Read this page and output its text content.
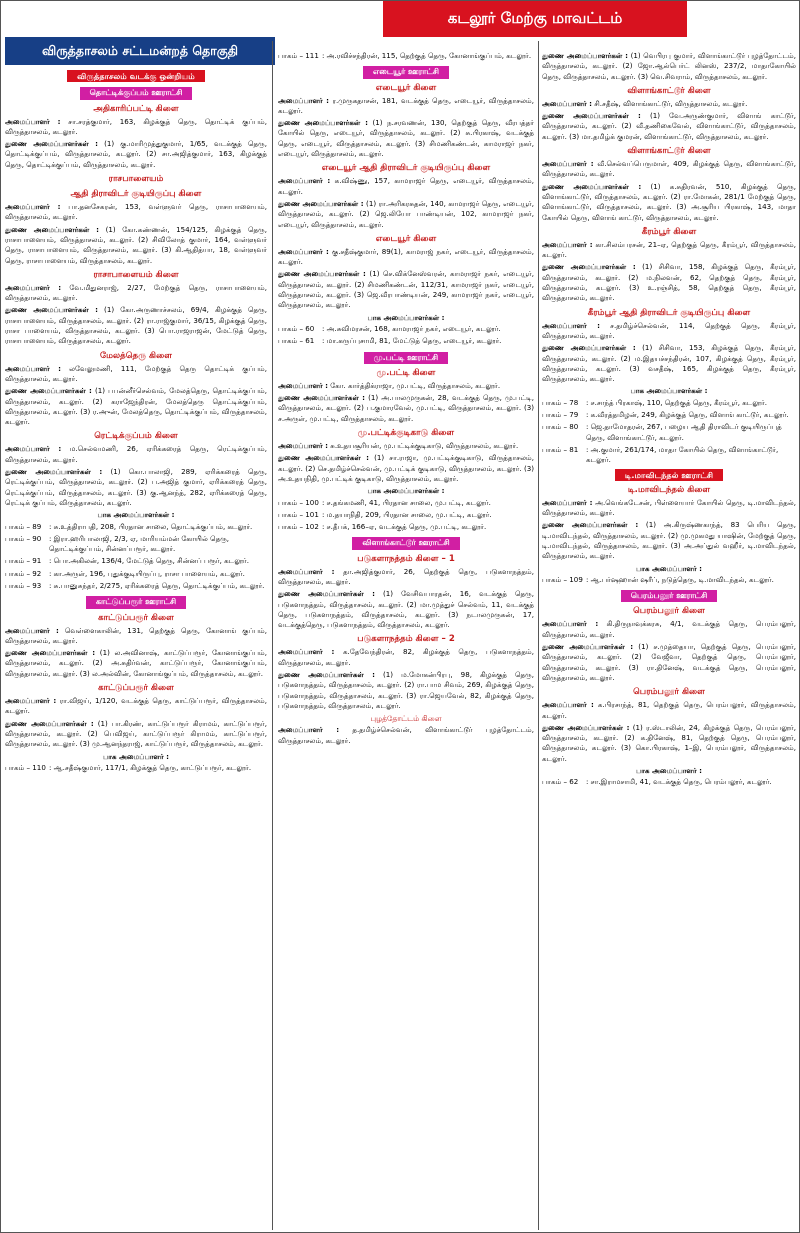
கடலூர் மேற்கு மாவட்டம்
விருத்தாசலம் சட்டமன்றத் தொகுதி
விருத்தாசலம் வடக்கு ஒன்றியம்
தொட்டிக்குப்பம் ஊராட்சி
அதிகாரிப்பட்டி கிளை
அமைப்பாளர் : சா.சரத்குமார், 163, கிழக்குத் தெரு, தொட்டிக் குப்பம், விருத்தாசலம், கடலூர்.
துணை அமைப்பாளர்கள் : (1) கு.மாரிமுத்துகுமார், 1/65, வடக்குத் தெரு, தொட்டிக்குப்பம், விருத்தாசலம், கடலூர். (2) சா.அஜித்குமார், 163, கிழக்குத் தெரு, தொட்டிக்குப்பம், விருத்தாசலம், கடலூர்.
ராசபாளையம்
ஆதி திராவிடர் குடியிருப்பு கிளை
அமைப்பாளர் : பா.தனசேகரன், 153, வள்ளுவர் தெரு, ராசாபாளையம், விருத்தாசலம், கடலூர்.
துணை அமைப்பாளர்கள் : (1) கோ.கண்ணன், 154/125, கிழக்குத் தெரு, ராசாபாளையம், விருத்தாசலம், கடலூர். (2) சிவிலோத் குமார், 164, வள்ளுவர் தெரு, ராசாபாளையம், விருத்தாசலம், கடலூர். (3) கி.ஆதித்யா, 18, வள்ளுவர் தெரு, ராசாபாளையம், விருத்தாசலம், கடலூர்.
ராசாபாளையம் கிளை
அமைப்பாளர் : வே.மிதுனராஜ், 2/27, மேற்குத் தெரு, ராசாபாளையம், விருத்தாசலம், கடலூர்.
துணை அமைப்பாளர்கள் : (1) கோ.அருணாச்சலம், 69/4, கிழக்குத் தெரு, ராசாபாளையம், விருத்தாசலம், கடலூர். (2) ரா.ராஜ்குமார், 36/15, கிழக்குத் தெரு, ராசா பாளையம், விருத்தாசலம், கடலூர். (3) பொ.ராஜராஜன், மேட்டுத் தெரு, ராசாபாளையம், விருத்தாசலம், கடலூர்.
மேலத்தெரு கிளை
அமைப்பாளர் : லவேலுமணி, 111, மேற்குத் தெரு தொட்டிக் குப்பம், விருத்தாசலம், கடலூர்.
துணை அமைப்பாளர்கள் : (1) பபன்னீர்செல்வம், மேலத்தெரு, தொட்டிக்குப்பம், விருத்தாசலம், கடலூர். (2) கராஜேந்திரன், மேலத்தெரு தொட்டிக்குப்பம், விருத்தாசலம், கடலூர். (3) ர.அுன், மேலத்தெரு, தொட்டிக்குப்பம், விருத்தாசலம், கடலூர்.
ரெட்டிக்குப்பம் கிளை
அமைப்பாளர் : ம.செல்வமணி, 26, ஏரிக்கரைத் தெரு, ரெட்டிக்குப்பம், விருத்தாசலம், கடலூர்.
துணை அமைப்பாளர்கள் : (1) கொ.பாலாஜி, 289, ஏரிக்கரைத் தெரு, ரெட்டிக்குப்பம், விருத்தாசலம், கடலூர். (2) ப.அஜித் குமார், ஏரிக்கரைத் தெரு, ரெட்டிக்குப்பம், விருத்தாசலம், கடலூர். (3) கு.ஆனந்த், 282, ஏரிக்கரைத் தெரு, ரெட்டிக் குப்பம், விருத்தாசலம், கடலூர்.
பாக அமைப்பாளர்கள் :
பாகம் – 89	: சு.உத்திராபதி, 208, பிரதான சாலை, தொட்டிக்குப்பம், கடலூர்.
பாகம் – 90	: இரா.ஹரிபாலாஜி, 2/3, ஏ, மாரியம்மன் கோயில் தெரு, தொட்டிக்குப்பம், சின்னப்பரூர், கடலூர்.
பாகம் – 91	: பொ.அகிலன், 136/4, மேட்டுத் தெரு, சின்னப் பரூர், கடலூர்.
பாகம் – 92	: கா.அருள், 196, புதுக்குடியிருப்பு, ராசா பாளையம், கடலூர்.
பாகம் – 93	: சு.பானுசுந்தர், 2/275, ஏரிக்கரைத் தெரு, தொட்டிக்குப்பம், கடலூர்.
காட்டுப்பரூர் ஊராட்சி
காட்டுப்பரூர் கிளை
அமைப்பாளர் : வெள்ளைகாலின், 131, தெற்குத் தெரு, கோனாங் குப்பம், விருத்தாசலம், கடலூர்.
துணை அமைப்பாளர்கள் : (1) ல.அவினாஷ், காட்டுப்பரூர், கோனாங்குப்பம், விருத்தாசலம், கடலூர். (2) அ.சுதிர்வன், காட்டுப்பரூர், கோனாங்குப்பம், விருத்தாசலம், கடலூர். (3) ல.அல்வின், கோனாங்குப்பம், விருத்தாசலம், கடலூர்.
காட்டுப்பரூர் கிளை
அமைப்பாளர் : ரா.விஜய், 1/120, வடக்குத் தெரு, காட்டுப்பரூர், விருத்தாசலம், கடலூர்.
துணை அமைப்பாளர்கள் : (1) பா.கிரண், காட்டுப்பரூர் கிராமம், காட்டுப்பரூர், விருத்தாசலம், கடலூர். (2) பெவிஜய், காட்டுப்பரூர் கிராமம், காட்டுப்பரூர், விருத்தாசலம், கடலூர். (3) மு.ஆனந்தராஜ், காட்டுப்பரூர், விருத்தாசலம், கடலூர்.
பாக அமைப்பாளர் :
பாகம் – 110 : ஆ.சதீஷ்குமார், 117/1, கிழக்குத் தெரு, காட்டுப்பரூர், கடலூர்.
பாகம் – 111 : அ.ரவிச்சந்திரன், 115, தெற்குத் தெரு, கோனாங்குப்பம், கடலூர்.
எடையூர் ஊராட்சி
எடையூர் கிளை
அமைப்பாளர் : ர.முருகதாசன், 181, வடக்குத் தெரு, எடையூர், விருத்தாசலம், கடலூர்.
துணை அமைப்பாளர்கள் : (1) ந.சரவணன், 130, தெற்குத் தெரு, வீரபத்தர் கோயில் தெரு, எடையூர், விருத்தாசலம், கடலூர். (2) சு.பிரகாஷ், வடக்குத் தெரு, எடையூர், விருத்தாசலம், கடலூர். (3) சிமணிகண்டன், காமராஜர் நகர், எடையூர், விருத்தாசலம், கடலூர்.
எடையூர் ஆதி திராவிடர் குடியிருப்பு கிளை
அமைப்பாளர் : க.விஷ்ணு, 157, காமராஜர் தெரு, எடையூர், விருத்தாசலம், கடலூர்.
துணை அமைப்பாளர்கள் : (1) ரா.அரிகரசுதன், 140, காமராஜர் தெரு, எடையூர், விருத்தாசலம், கடலூர். (2) ஜெ.லியோ பாண்டியன், 102, காமராஜர் நகர், எடையூர், விருத்தாசலம், கடலூர்.
எடையூர் கிளை
அமைப்பாளர் : கு.சதீஷ்குமார், 89(1), காமராஜ் நகர், எடையூர், விருத்தாசலம், கடலூர்.
துணை அமைப்பாளர்கள் : (1) செ.விக்னேஸ்வரன், காமராஜர் நகர், எடையூர், விருத்தாசலம், கடலூர். (2) சிமணிகண்டன், 112/31, காமராஜர் நகர், எடையூர், விருத்தாசலம், கடலூர். (3) ஜெ.வீரபாண்டியன், 249, காமராஜர் நகர், எடையூர், விருத்தாசலம், கடலூர்.
பாக அமைப்பாளர்கள் :
பாகம் – 60	: அ.சுவிமரசன், 168, காமராஜர் நகர், எடையூர், கடலூர்.
பாகம் – 61	: மா.கருப்புசாமி, 81, மேட்டுத் தெரு, எடையூர், கடலூர்.
மு.பட்டி ஊராட்சி
மு.பட்டி கிளை
அமைப்பாளர் : கோ. கார்த்திக்ராஜா, மு.பட்டி, விருத்தாசலம், கடலூர்.
துணை அமைப்பாளர்கள் : (1) அ.பாலமுருகன், 28, வடக்குத் தெரு, மு.பட்டி, விருத்தாசலம், கடலூர். (2) ப.குமாரவேல், மு.பட்டி, விருத்தாசலம், கடலூர். (3) ச.அருள், மு.பட்டி, விருத்தாசலம், கடலூர்.
மு.பட்டிக்குடிகாடு கிளை
அமைப்பாளர் : சு.உதயசூரியன், மு.பட்டிக்குடிகாடு, விருத்தாசலம், கடலூர்.
துணை அமைப்பாளர்கள் : (1) சா.ராஜா, மு.பட்டிக்குடிகாடு, விருத்தாசலம், கடலூர். (2) செ.தமிழ்ச்செல்வன், மு.பட்டிக் குடிகாடு, விருத்தாசலம், கடலூர். (3) அ.உதயநிதி, மு.பட்டிக் குடிகாடு, விருத்தாசலம், கடலூர்.
பாக அமைப்பாளர்கள் :
பாகம் – 100 : ச.தங்கமணி, 41, பிரதான சாலை, மு.பட்டி, கடலூர்.
பாகம் – 101 : ம.தயாநிதி, 209, பிரதான சாலை, மு.பட்டி, கடலூர்.
பாகம் – 102 : ச.தீபக், 166–ஏ, வடக்குத் தெரு, மு.பட்டி, கடலூர்.
விளாங்காட்டூர் ஊராட்சி
படுகளாநத்தம் கிளை – 1
அமைப்பாளர் : தா.அஜித்குமார், 26, தெற்குத் தெரு, படுகளாநத்தம், விருத்தாசலம், கடலூர்.
துணை அமைப்பாளர்கள் : (1) வேசிவபாரதன், 16, வடக்குத் தெரு, படுகளாநத்தம், விருத்தாசலம், கடலூர். (2) மா.முத்துச் செல்வம், 11, வடக்குத் தெரு, படுகளாநத்தம், விருத்தாசலம், கடலூர். (3) நடாலமுருகன், 17, வடக்குத்தெரு, படுகளாநத்தம், விருத்தாசலம், கடலூர்.
படுகளாநத்தம் கிளை – 2
அமைப்பாளர் : க.தேவேந்திரன், 82, கிழக்குத் தெரு, படுகளாநத்தம், விருத்தாசலம், கடலூர்.
துணை அமைப்பாளர்கள் : (1) ம.மோகன்பிரபு, 98, கிழக்குத் தெரு, படுகளாநத்தம், விருத்தாசலம், கடலூர். (2) ரா.பாம சிவம், 269, கிழக்குத் தெரு, படுகளாநத்தம், விருத்தாசலம், கடலூர். (3) ரா.ஜெயவேல், 82, கிழக்குத் தெரு, படுகளாநத்தம், விருத்தாசலம், கடலூர்.
புழத்தோட்டம் கிளை
அமைப்பாளர் : த.தமிழ்ச்செல்வன், விளாங்காட்டூர் புழத்தோட்டம், விருத்தாசலம், கடலூர்.
துணை அமைப்பாளர்கள் : (1) வெபிரபு குமார், விளாங்காட்டூர் புழத்தோட்டம், விருத்தாசலம், கடலூர். (2) ஜோ.ஆல்பெர்ட் லினஸ், 237/2, மாதாகோயில் தெரு, விருத்தாசலம், கடலூர். (3) வெ.சிவராம், விருத்தாசலம், கடலூர்.
விளாங்காட்டூர் கிளை
அமைப்பாளர் : சி.சதீஷ், விளாங்காட்டூர், விருத்தாசலம், கடலூர்.
துணை அமைப்பாளர்கள் : (1) வே.அருண்குமார், விளாங் காட்டூர், விருத்தாசலம், கடலூர். (2) வீ.தணிகைவேல், விளாங்காட்டூர், விருத்தாசலம், கடலூர். (3) மா.தமிழ்க் குமரன், விளாங்காட்டூர், விருத்தாசலம், கடலூர்.
விளாங்காட்டூர் கிளை
அமைப்பாளர் : வீ.செல்வப்பெருமாள், 409, கிழக்குத் தெரு, விளாங்காட்டூர், விருத்தாசலம், கடலூர்.
துணை அமைப்பாளர்கள் : (1) க.சுதிரவன், 510, கிழக்குத் தெரு, விளாங்காட்டூர், விருத்தாசலம், கடலூர். (2) ரா.மோகன், 281/1 மேற்குத் தெரு, விளாங்காட்டூர், விருத்தாசலம், கடலூர். (3) அ.சூரிய பிரகாஷ், 143, மாதா கோயில் தெரு, விளாங் காட்டூர், விருத்தாசலம், கடலூர்.
கீரம்பூர் கிளை
அமைப்பாளர் : கா.சிலம்பரசன், 21–ஏ, தெற்குத் தெரு, கீரம்பூர், விருத்தாசலம், கடலூர்.
துணை அமைப்பாளர்கள் : (1) சிசிவா, 158, கிழக்குத் தெரு, கீரம்பூர், விருத்தாசலம், கடலூர். (2) ம.நிலவன், 62, தெற்குத் தெரு, கீரம்பூர், விருத்தாசலம், கடலூர். (3) உ.ரஞ்சித், 58, தெற்குத் தெரு, கீரம்பூர், விருத்தாசலம், கடலூர்.
கீரம்பூர் ஆதி திராவிடர் குடியிருப்பு கிளை
அமைப்பாளர் : ச.தமிழ்ச்செல்வன், 114, தெற்குத் தெரு, கீரம்பூர், விருத்தாசலம், கடலூர்.
துணை அமைப்பாளர்கள் : (1) சிசிவா, 153, கிழக்குத் தெரு, கீரம்பூர், விருத்தாசலம், கடலூர். (2) ம.இதயச்சந்திரன், 107, கிழக்குத் தெரு, கீரம்பூர், விருத்தாசலம், கடலூர். (3) வசதீஷ், 165, கிழக்குத் தெரு, கீரம்பூர், விருத்தாசலம், கடலூர்.
பாக அமைப்பாளர்கள் :
பாகம் – 78	: ச.சாந்த் பிரகாஷ், 110, தெற்குத் தெரு, கீரம்பூர், கடலூர்.
பாகம் – 79	: க.வீரத்தமிழன், 249, கிழக்குத் தெரு, விளாங் காட்டூர், கடலூர்.
பாகம் – 80	: ஜெ.தாமோதரன், 267, பழைய ஆதி திராவிடர் குடியிருப்புத் தெரு, விளாங்காட்டூர், கடலூர்.
பாகம் – 81	: அ.குமார், 261/174, மாதா கோயில் தெரு, விளாங்காட்டூர், கடலூர்.
டி.மாவிடந்தல் ஊராட்சி
டி.மாவிடந்தல் கிளை
அமைப்பாளர் : அ.வெங்கடேசன், பிள்ளையார் கோயில் தெரு, டி.மாவிடந்தல், விருத்தாசலம், கடலூர்.
துணை அமைப்பாளர்கள் : (1) அ.கிருஷ்ணகாந்த், 83 பெரிய தெரு, டி.மாவிடந்தல், விருத்தாசலம், கடலூர். (2) மு.முகமது யாஷின், மேற்குத் தெரு, டி.மாவிடந்தல், விருத்தாசலம், கடலூர். (3) அ.அப்துல் வஹீர், டி.மாவிடந்தல், விருத்தாசலம், கடலூர்.
பாக அமைப்பாளர் :
பாகம் – 109 : ஆ.பர்ஷஹான் ஷரீப், நடுத்தெரு, டி.மாவிடந்தல், கடலூர்.
பெரம்பலூர் ஊராட்சி
பெரம்பலூர் கிளை
அமைப்பாளர் : கி.திருநாவுக்கரசு, 4/1, வடக்குத் தெரு, பெரம்பலூர், விருத்தாசலம், கடலூர்.
துணை அமைப்பாளர்கள் : (1) ச.முத்தையா, தெற்குத் தெரு, பெரம்பலூர், விருத்தாசலம், கடலூர். (2) வேஜீவா, தெற்குத் தெரு, பெரம்பலூர், விருத்தாசலம், கடலூர். (3) ரா.தினேஷ், வடக்குத் தெரு, பெரம்பலூர், விருத்தாசலம், கடலூர்.
பெரம்பலூர் கிளை
அமைப்பாளர் : க.பிரசாந்த், 81, தெற்குத் தெரு, பெரம்பலூர், விருத்தாசலம், கடலூர்.
துணை அமைப்பாளர்கள் : (1) ர.ஸ்டாலின், 24, கிழக்குத் தெரு, பெரம்பலூர், விருத்தாசலம், கடலூர். (2) க.தினேஷ், 81, தெற்குத் தெரு, பெரம்பலூர், விருத்தாசலம், கடலூர். (3) கொ.பிரகாஷ், 1–இ, பெரம்பலூர், விருத்தாசலம், கடலூர்.
பாக அமைப்பாளர் :
பாகம் – 62	: சா.இராமசாமி, 41, வடக்குத் தெரு, பெரம்பலூர், கடலூர்.
